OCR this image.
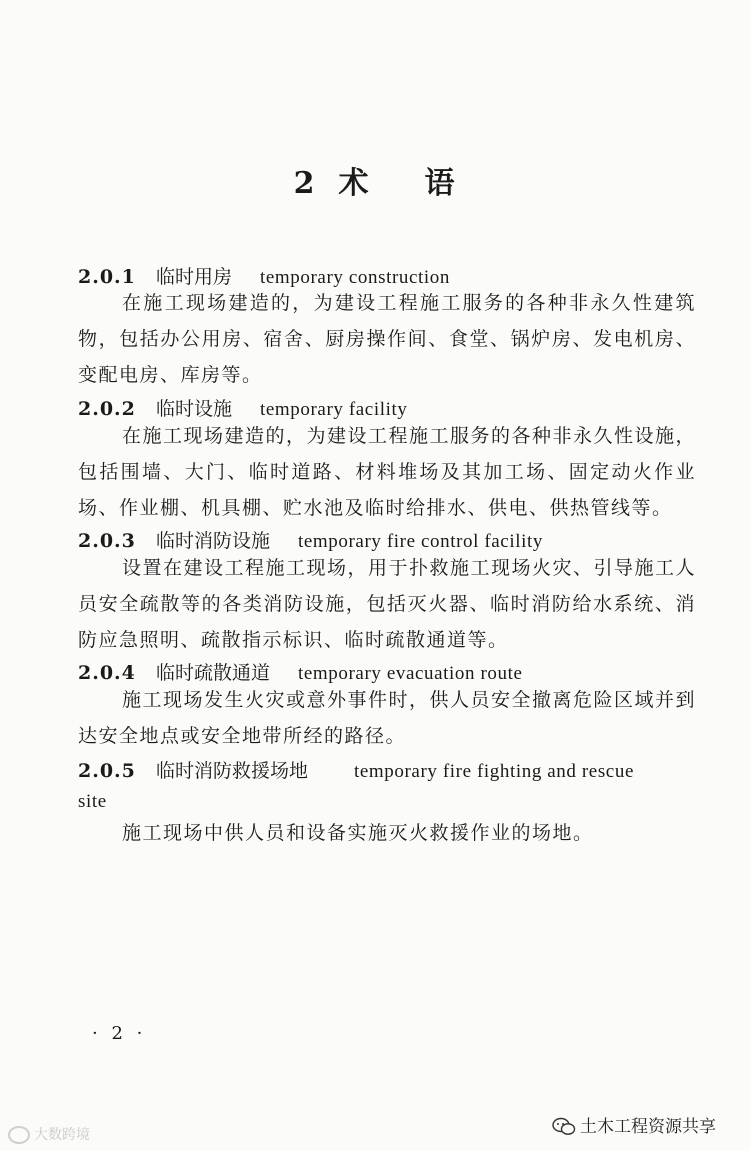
2 术 语
2.0.1 临时用房 temporary construction
在施工现场建造的，为建设工程施工服务的各种非永久性建筑物，包括办公用房、宿舍、厨房操作间、食堂、锅炉房、发电机房、变配电房、库房等。
2.0.2 临时设施 temporary facility
在施工现场建造的，为建设工程施工服务的各种非永久性设施，包括围墙、大门、临时道路、材料堆场及其加工场、固定动火作业场、作业棚、机具棚、贮水池及临时给排水、供电、供热管线等。
2.0.3 临时消防设施 temporary fire control facility
设置在建设工程施工现场，用于扑救施工现场火灾、引导施工人员安全疏散等的各类消防设施，包括灭火器、临时消防给水系统、消防应急照明、疏散指示标识、临时疏散通道等。
2.0.4 临时疏散通道 temporary evacuation route
施工现场发生火灾或意外事件时，供人员安全撤离危险区域并到达安全地点或安全地带所经的路径。
2.0.5 临时消防救援场地 temporary fire fighting and rescue
site
施工现场中供人员和设备实施灭火救援作业的场地。
· 2 ·
土木工程资源共享
大数跨境
